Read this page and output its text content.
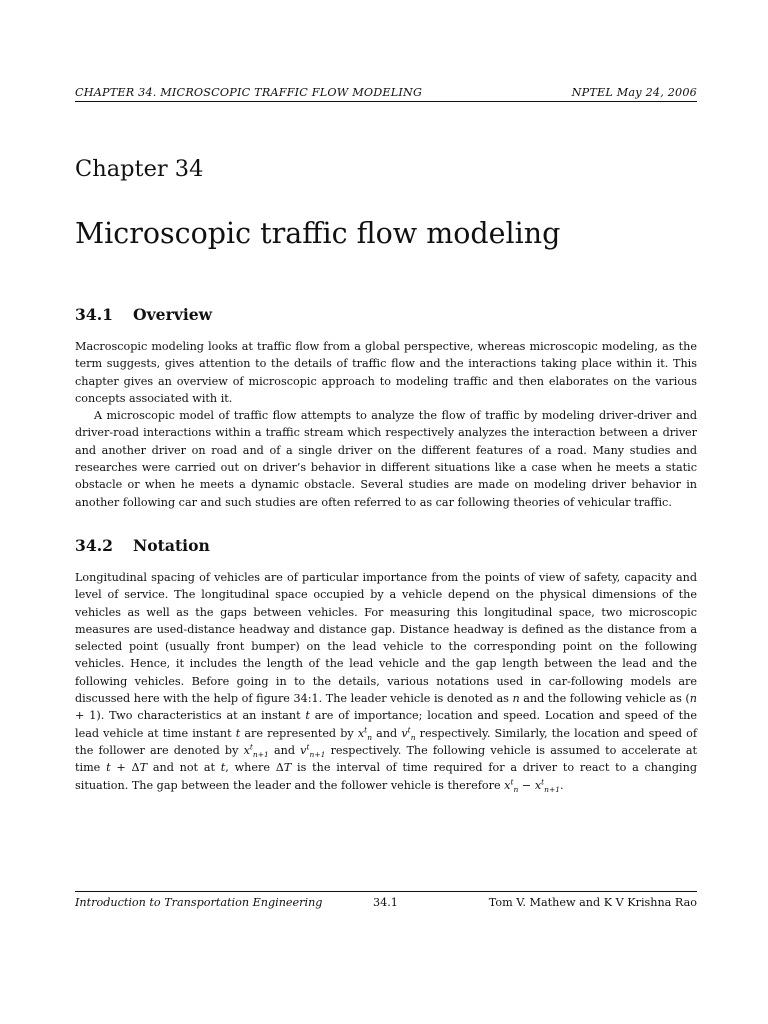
CHAPTER 34. MICROSCOPIC TRAFFIC FLOW MODELING	NPTEL May 24, 2006
Chapter 34
Microscopic traffic flow modeling
34.1 Overview

Macroscopic modeling looks at traffic flow from a global perspective, whereas microscopic modeling, as the term suggests, gives attention to the details of traffic flow and the interactions taking place within it. This chapter gives an overview of microscopic approach to modeling traffic and then elaborates on the various concepts associated with it.

A microscopic model of traffic flow attempts to analyze the flow of traffic by modeling driver-driver and driver-road interactions within a traffic stream which respectively analyzes the interaction between a driver and another driver on road and of a single driver on the different features of a road. Many studies and researches were carried out on driver’s behavior in different situations like a case when he meets a static obstacle or when he meets a dynamic obstacle. Several studies are made on modeling driver behavior in another following car and such studies are often referred to as car following theories of vehicular traffic.

34.2 Notation

Longitudinal spacing of vehicles are of particular importance from the points of view of safety, capacity and level of service. The longitudinal space occupied by a vehicle depend on the physical dimensions of the vehicles as well as the gaps between vehicles. For measuring this longitudinal space, two microscopic measures are used-distance headway and distance gap. Distance headway is defined as the distance from a selected point (usually front bumper) on the lead vehicle to the corresponding point on the following vehicles. Hence, it includes the length of the lead vehicle and the gap length between the lead and the following vehicles. Before going in to the details, various notations used in car-following models are discussed here with the help of figure 34:1. The leader vehicle is denoted as n and the following vehicle as (n + 1). Two characteristics at an instant t are of importance; location and speed. Location and speed of the lead vehicle at time instant t are represented by $x^t_n$ and $v^t_n$ respectively. Similarly, the location and speed of the follower are denoted by $x^t_{n+1}$ and $v^t_{n+1}$ respectively. The following vehicle is assumed to accelerate at time t + ΔT and not at t, where ΔT is the interval of time required for a driver to react to a changing situation. The gap between the leader and the follower vehicle is therefore $x^t_n - x^t_{n+1}$.

Introduction to Transportation Engineering	34.1	Tom V. Mathew and K V Krishna Rao
